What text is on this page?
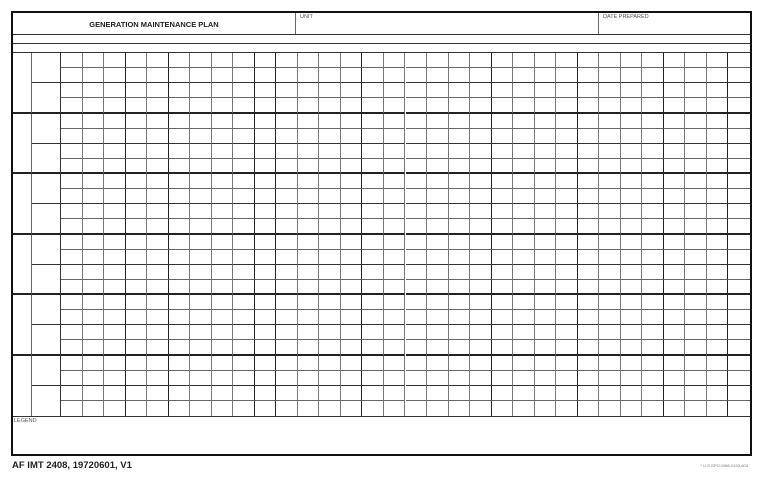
GENERATION MAINTENANCE PLAN
UNIT	DATE PREPARED
LEGEND
AF IMT 2408, 19720601, V1	* U.S.GPO:1986-0153-603
